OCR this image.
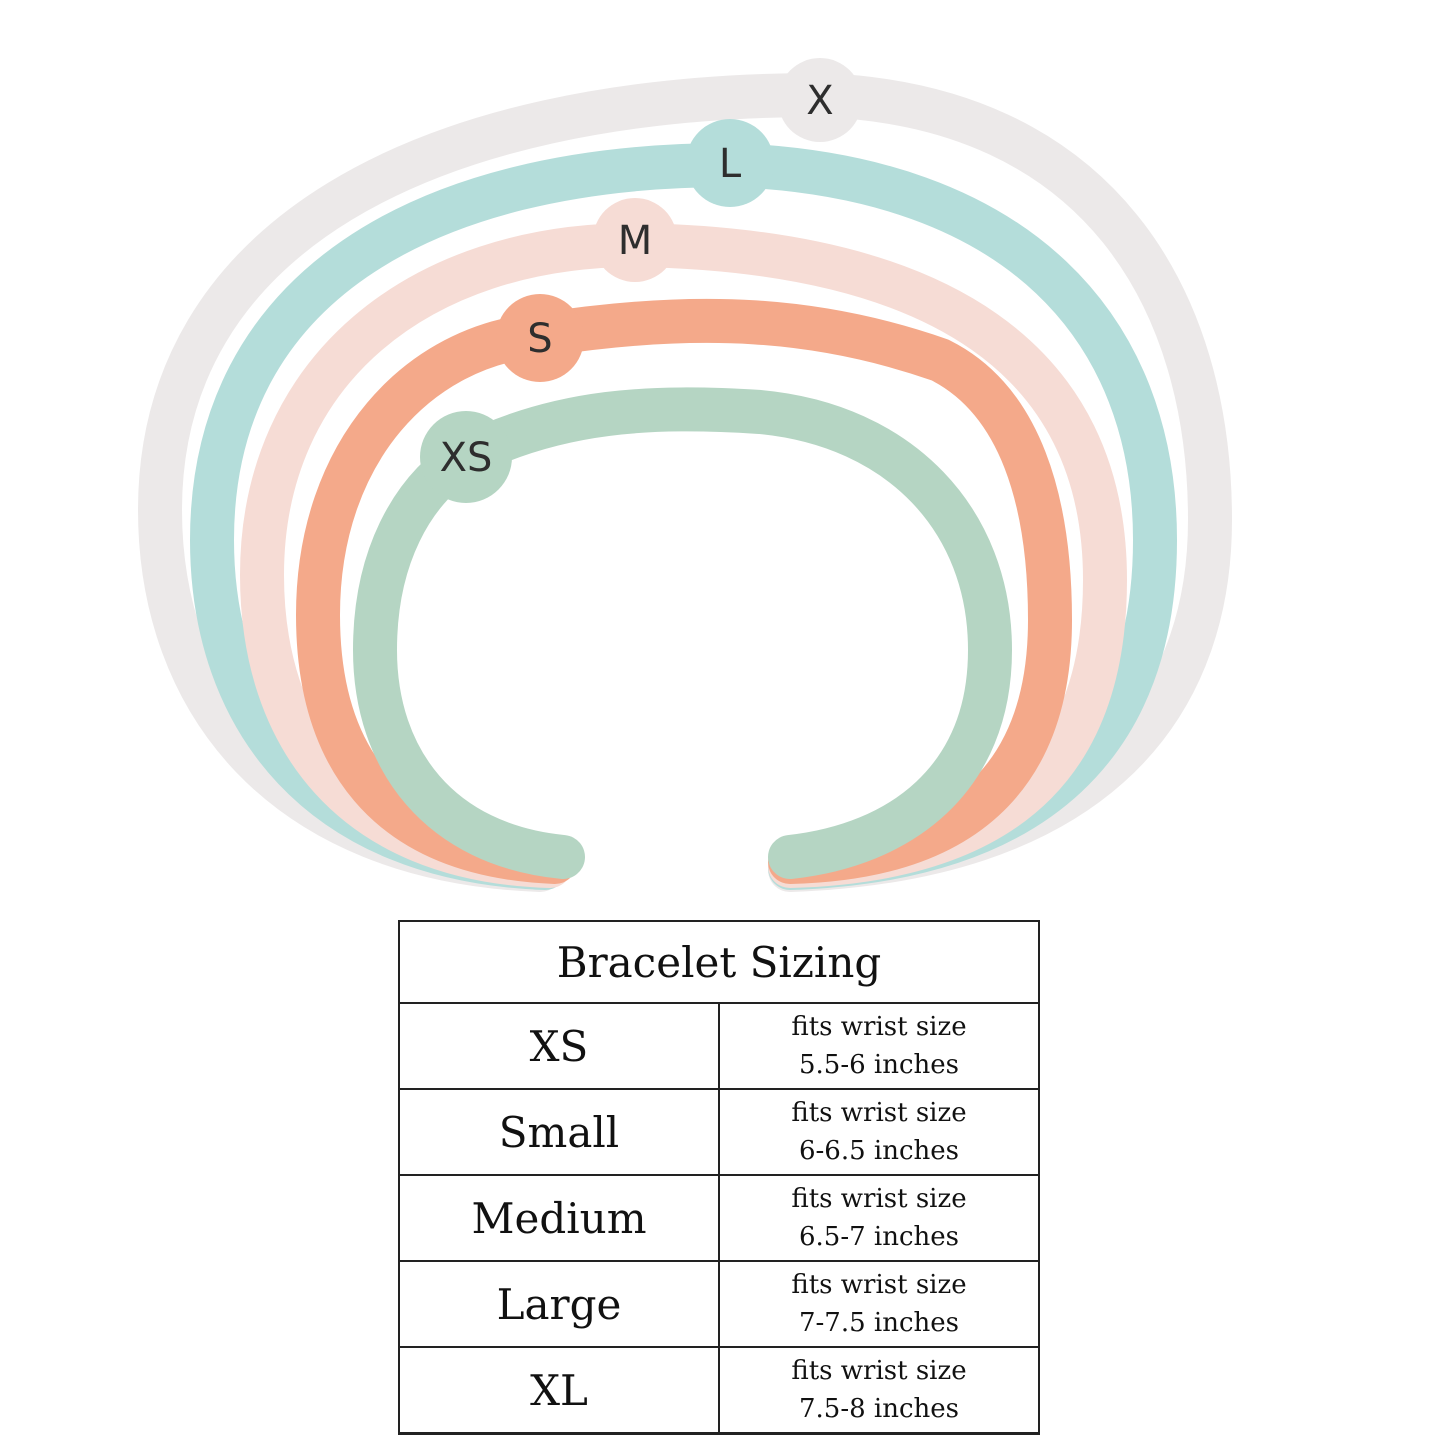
X
L
M
S
XS
Bracelet Sizing	
XS	fits wrist size
5.5-6 inches

Small	fits wrist size
6-6.5 inches

Medium	fits wrist size
6.5-7 inches

Large	fits wrist size
7-7.5 inches

XL	fits wrist size
7.5-8 inches
